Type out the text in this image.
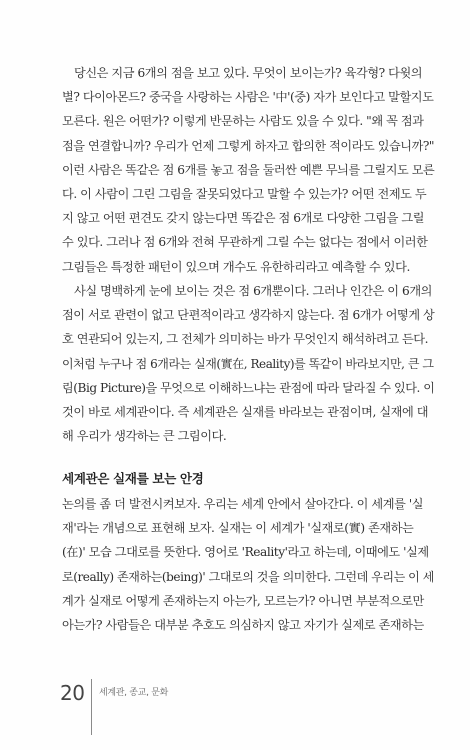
당신은 지금 6개의 점을 보고 있다. 무엇이 보이는가? 육각형? 다윗의
별? 다이아몬드? 중국을 사랑하는 사람은 '中'(중) 자가 보인다고 말할지도
모른다. 원은 어떤가? 이렇게 반문하는 사람도 있을 수 있다. "왜 꼭 점과
점을 연결합니까? 우리가 언제 그렇게 하자고 합의한 적이라도 있습니까?"
이런 사람은 똑같은 점 6개를 놓고 점을 둘러싼 예쁜 무늬를 그릴지도 모른
다. 이 사람이 그린 그림을 잘못되었다고 말할 수 있는가? 어떤 전제도 두
지 않고 어떤 편견도 갖지 않는다면 똑같은 점 6개로 다양한 그림을 그릴
수 있다. 그러나 점 6개와 전혀 무관하게 그릴 수는 없다는 점에서 이러한
그림들은 특정한 패턴이 있으며 개수도 유한하리라고 예측할 수 있다.
사실 명백하게 눈에 보이는 것은 점 6개뿐이다. 그러나 인간은 이 6개의
점이 서로 관련이 없고 단편적이라고 생각하지 않는다. 점 6개가 어떻게 상
호 연관되어 있는지, 그 전체가 의미하는 바가 무엇인지 해석하려고 든다.
이처럼 누구나 점 6개라는 실재(實在, Reality)를 똑같이 바라보지만, 큰 그
림(Big Picture)을 무엇으로 이해하느냐는 관점에 따라 달라질 수 있다. 이
것이 바로 세계관이다. 즉 세계관은 실재를 바라보는 관점이며, 실재에 대
해 우리가 생각하는 큰 그림이다.
세계관은 실재를 보는 안경
논의를 좀 더 발전시켜보자. 우리는 세계 안에서 살아간다. 이 세계를 '실
재'라는 개념으로 표현해 보자. 실재는 이 세계가 '실재로(實) 존재하는
(在)' 모습 그대로를 뜻한다. 영어로 'Reality'라고 하는데, 이때에도 '실제
로(really) 존재하는(being)' 그대로의 것을 의미한다. 그런데 우리는 이 세
계가 실재로 어떻게 존재하는지 아는가, 모르는가? 아니면 부분적으로만
아는가? 사람들은 대부분 추호도 의심하지 않고 자기가 실제로 존재하는
20 세계관, 종교, 문화
